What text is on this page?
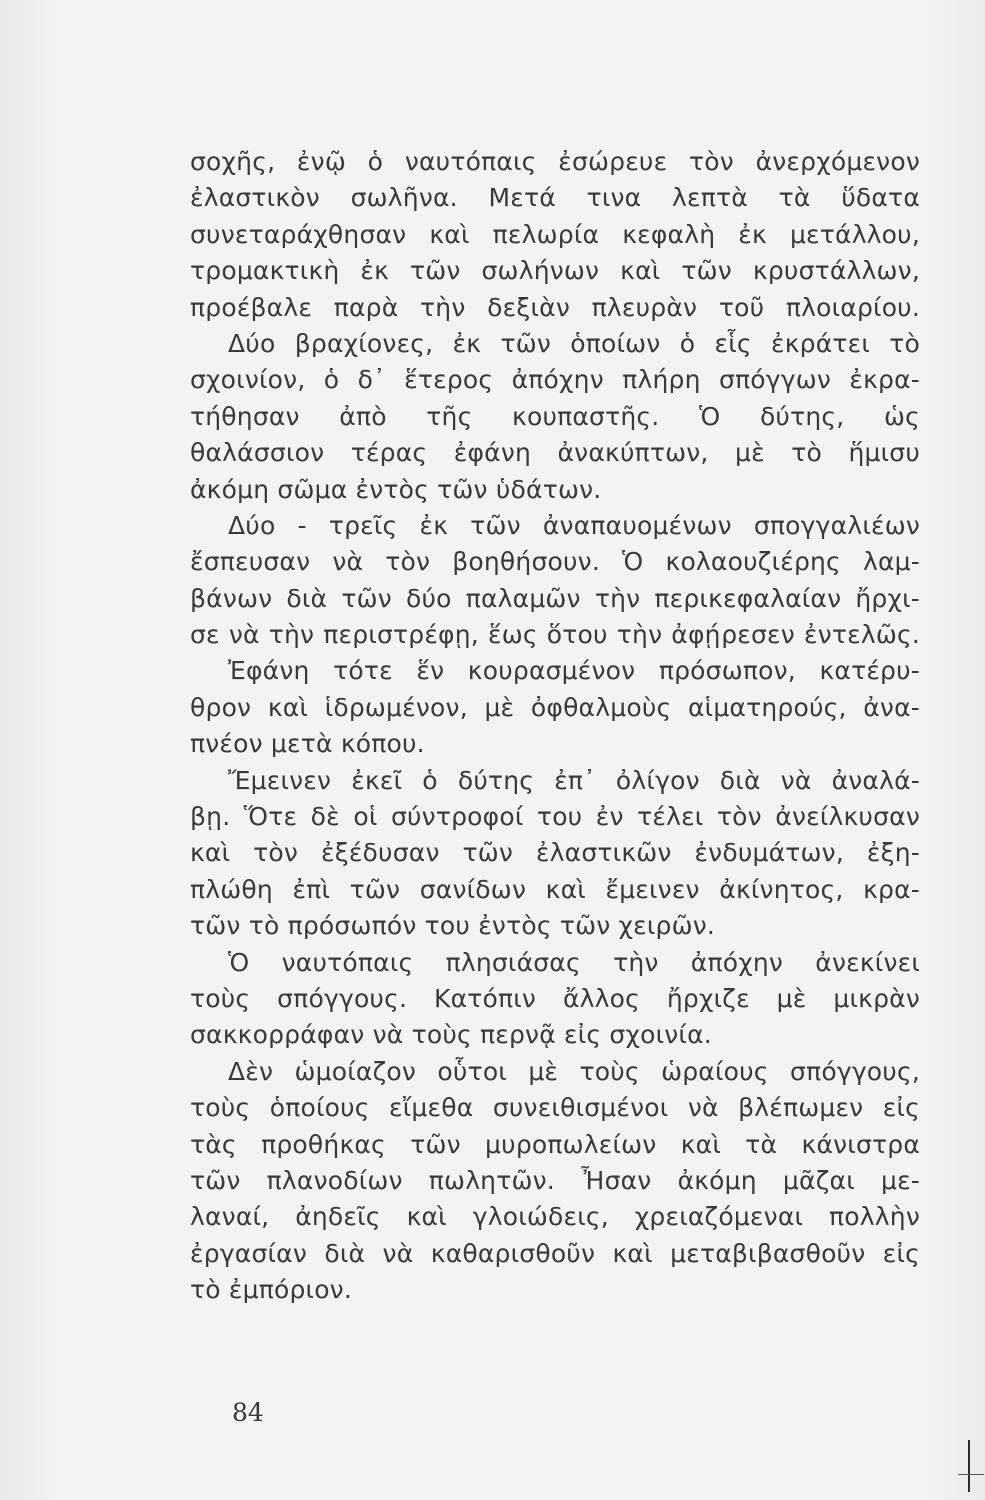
σοχῆς, ἐνῷ ὁ ναυτόπαις ἐσώρευε τὸν ἀνερχόμενον
ἐλαστικὸν σωλῆνα. Μετά τινα λεπτὰ τὰ ὕδατα
συνεταράχθησαν καὶ πελωρία κεφαλὴ ἐκ μετάλλου,
τρομακτικὴ ἐκ τῶν σωλήνων καὶ τῶν κρυστάλλων,
προέβαλε παρὰ τὴν δεξιὰν πλευρὰν τοῦ πλοιαρίου.
Δύο βραχίονες, ἐκ τῶν ὁποίων ὁ εἷς ἐκράτει τὸ
σχοινίον, ὁ δ᾿ ἕτερος ἀπόχην πλήρη σπόγγων ἐκρα-
τήθησαν ἀπὸ τῆς κουπαστῆς. Ὁ δύτης, ὡς
θαλάσσιον τέρας ἐφάνη ἀνακύπτων, μὲ τὸ ἥμισυ
ἀκόμη σῶμα ἐντὸς τῶν ὑδάτων.
Δύο - τρεῖς ἐκ τῶν ἀναπαυομένων σπογγαλιέων
ἔσπευσαν νὰ τὸν βοηθήσουν. Ὁ κολαουζιέρης λαμ-
βάνων διὰ τῶν δύο παλαμῶν τὴν περικεφαλαίαν ἤρχι-
σε νὰ τὴν περιστρέφῃ, ἕως ὅτου τὴν ἀφῄρεσεν ἐντελῶς.
Ἐφάνη τότε ἕν κουρασμένον πρόσωπον, κατέρυ-
θρον καὶ ἱδρωμένον, μὲ ὀφθαλμοὺς αἱματηρούς, ἀνα-
πνέον μετὰ κόπου.
Ἔμεινεν ἐκεῖ ὁ δύτης ἐπ᾿ ὀλίγον διὰ νὰ ἀναλά-
βῃ. Ὅτε δὲ οἱ σύντροφοί του ἐν τέλει τὸν ἀνείλκυσαν
καὶ τὸν ἐξέδυσαν τῶν ἐλαστικῶν ἐνδυμάτων, ἐξη-
πλώθη ἐπὶ τῶν σανίδων καὶ ἔμεινεν ἀκίνητος, κρα-
τῶν τὸ πρόσωπόν του ἐντὸς τῶν χειρῶν.
Ὁ ναυτόπαις πλησιάσας τὴν ἀπόχην ἀνεκίνει
τοὺς σπόγγους. Κατόπιν ἄλλος ἤρχιζε μὲ μικρὰν
σακκορράφαν νὰ τοὺς περνᾷ εἰς σχοινία.
Δὲν ὡμοίαζον οὗτοι μὲ τοὺς ὡραίους σπόγγους,
τοὺς ὁποίους εἴμεθα συνειθισμένοι νὰ βλέπωμεν εἰς
τὰς προθήκας τῶν μυροπωλείων καὶ τὰ κάνιστρα
τῶν πλανοδίων πωλητῶν. Ἦσαν ἀκόμη μᾶζαι με-
λαναί, ἀηδεῖς καὶ γλοιώδεις, χρειαζόμεναι πολλὴν
ἐργασίαν διὰ νὰ καθαρισθοῦν καὶ μεταβιβασθοῦν εἰς
τὸ ἐμπόριον.
84
